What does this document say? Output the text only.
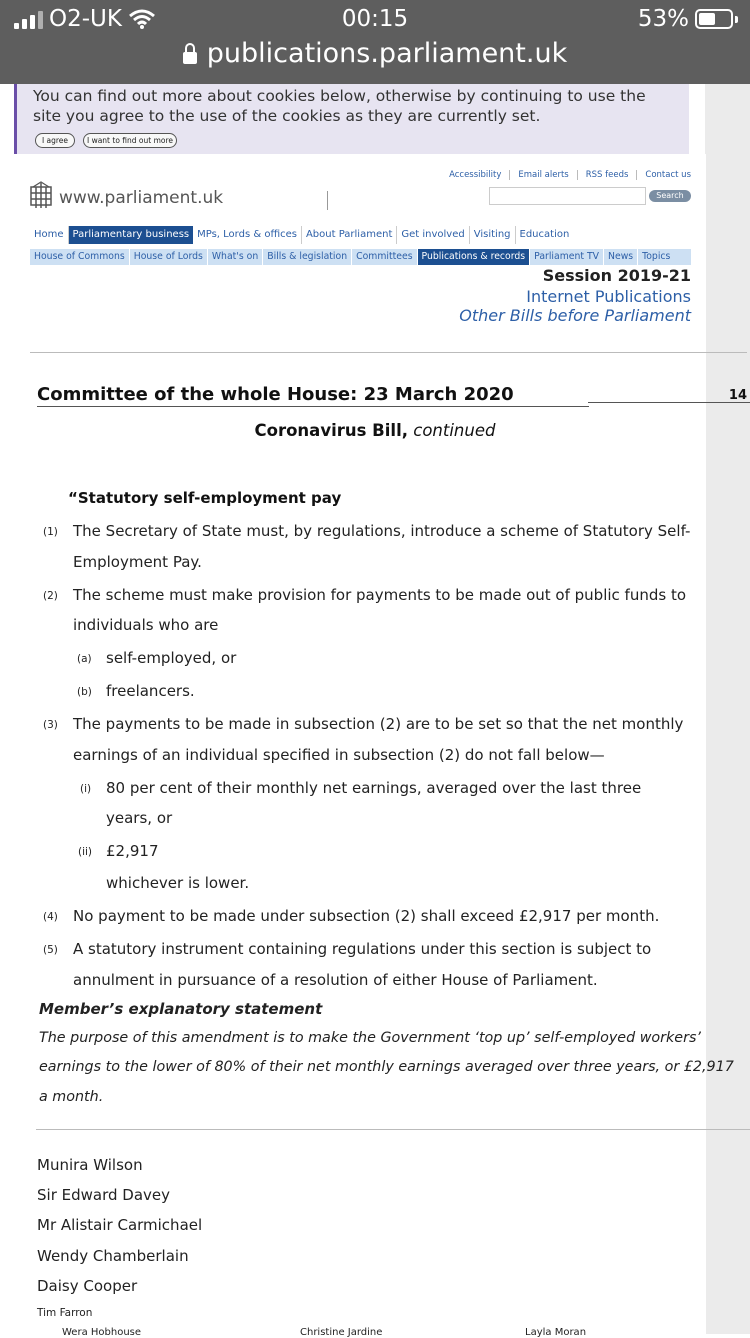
O2-UK	00:15	53%
publications.parliament.uk
You can find out more about cookies below, otherwise by continuing to use the site you agree to the use of the cookies as they are currently set.
I agree	I want to find out more
Accessibility	Email alerts	RSS feeds	Contact us
Search
www.parliament.uk
Home Parliamentary business MPs, Lords & offices About Parliament Get involved Visiting Education
House of Commons House of Lords What's on Bills & legislation Committees Publications & records Parliament TV News Topics
Session 2019-21
Internet Publications
Other Bills before Parliament
Committee of the whole House: 23 March 2020	14
Coronavirus Bill, continued
“Statutory self-employment pay
(1) The Secretary of State must, by regulations, introduce a scheme of Statutory Self-
Employment Pay.
(2) The scheme must make provision for payments to be made out of public funds to
individuals who are
(a) self-employed, or
(b) freelancers.
(3) The payments to be made in subsection (2) are to be set so that the net monthly
earnings of an individual specified in subsection (2) do not fall below—
(i) 80 per cent of their monthly net earnings, averaged over the last three
years, or
(ii) £2,917
whichever is lower.
(4) No payment to be made under subsection (2) shall exceed £2,917 per month.
(5) A statutory instrument containing regulations under this section is subject to
annulment in pursuance of a resolution of either House of Parliament.
Member’s explanatory statement
The purpose of this amendment is to make the Government ‘top up’ self-employed workers’
earnings to the lower of 80% of their net monthly earnings averaged over three years, or £2,917
a month.
Munira Wilson
Sir Edward Davey
Mr Alistair Carmichael
Wendy Chamberlain
Daisy Cooper
Tim Farron
Wera Hobhouse	Christine Jardine	Layla Moran
